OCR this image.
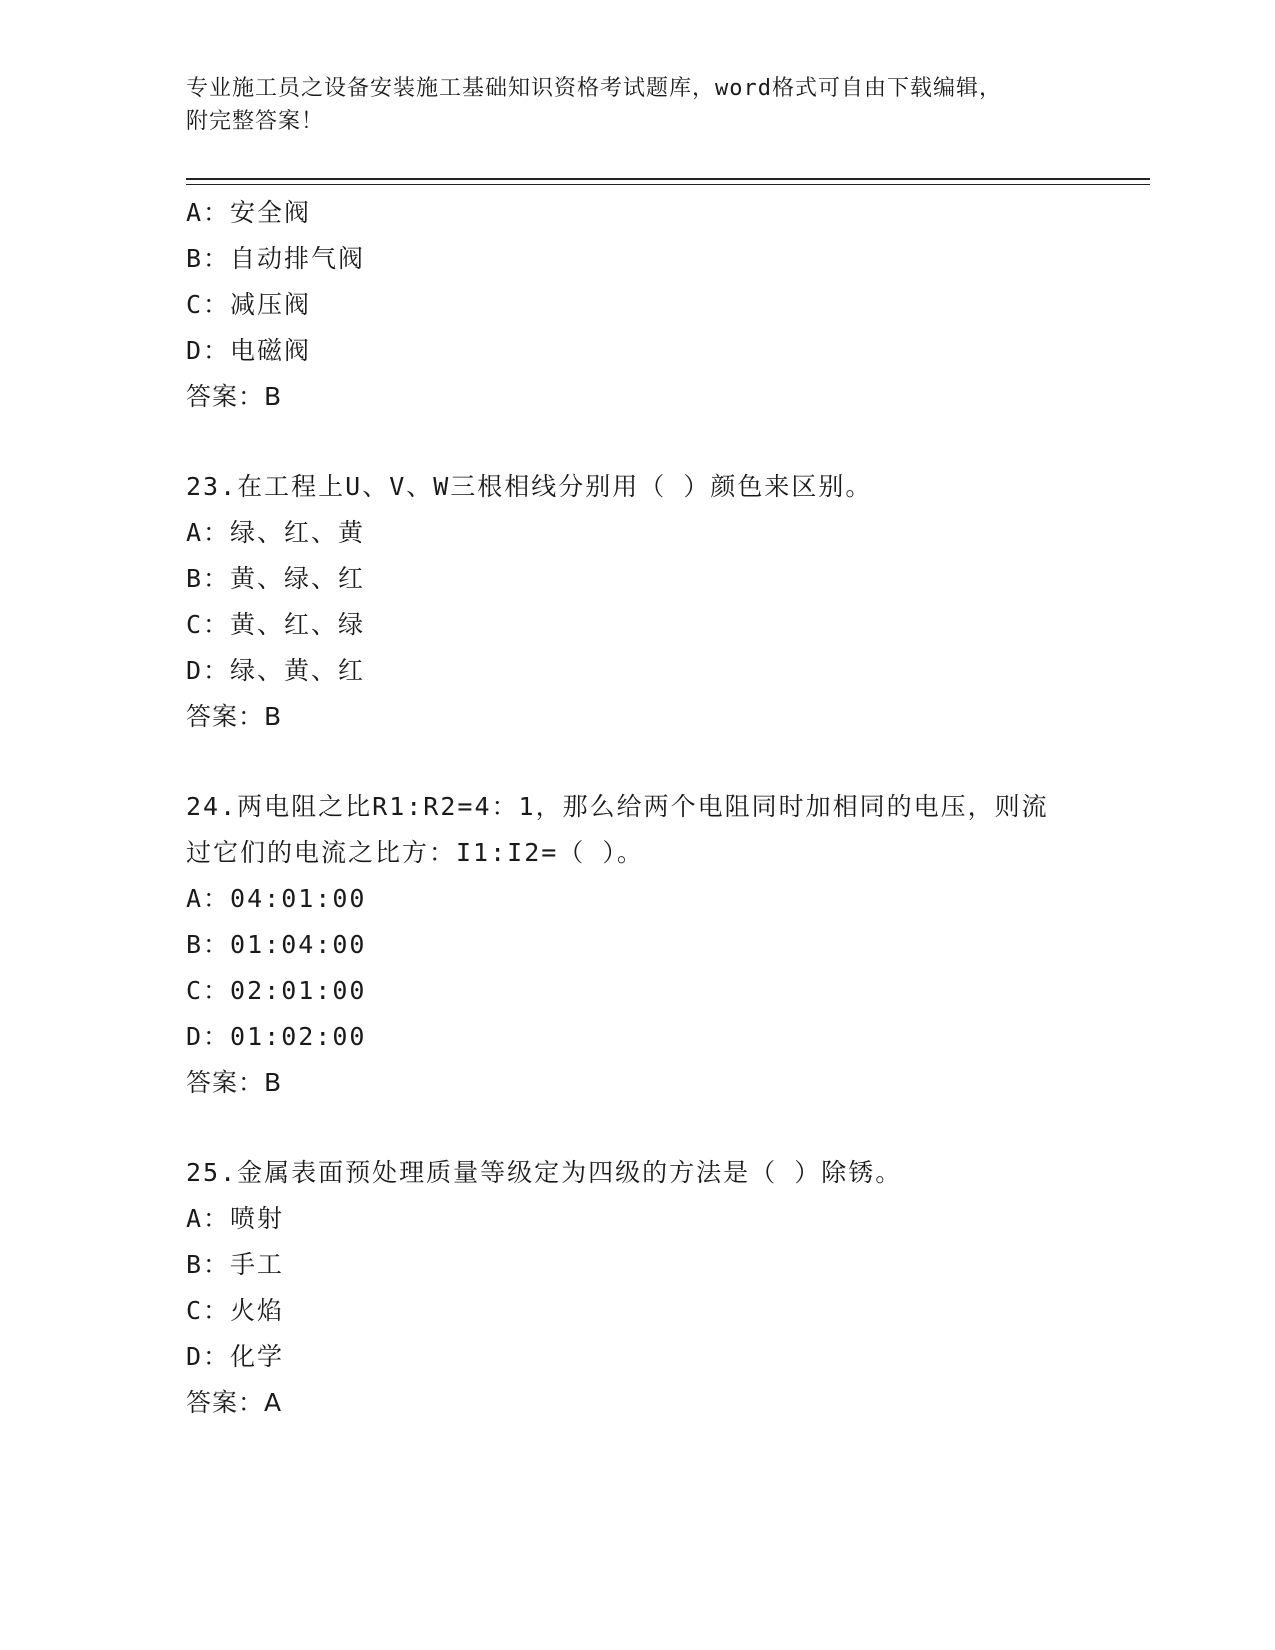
专业施工员之设备安装施工基础知识资格考试题库，word格式可自由下载编辑，
附完整答案！
A：安全阀
B：自动排气阀
C：减压阀
D：电磁阀
答案：B
23.在工程上U、V、W三根相线分别用（ ）颜色来区别。
A：绿、红、黄
B：黄、绿、红
C：黄、红、绿
D：绿、黄、红
答案：B
24.两电阻之比R1:R2=4：1，那么给两个电阻同时加相同的电压，则流
过它们的电流之比方：I1:I2=（ ）。
A：04:01:00
B：01:04:00
C：02:01:00
D：01:02:00
答案：B
25.金属表面预处理质量等级定为四级的方法是（ ）除锈。
A：喷射
B：手工
C：火焰
D：化学
答案：A
